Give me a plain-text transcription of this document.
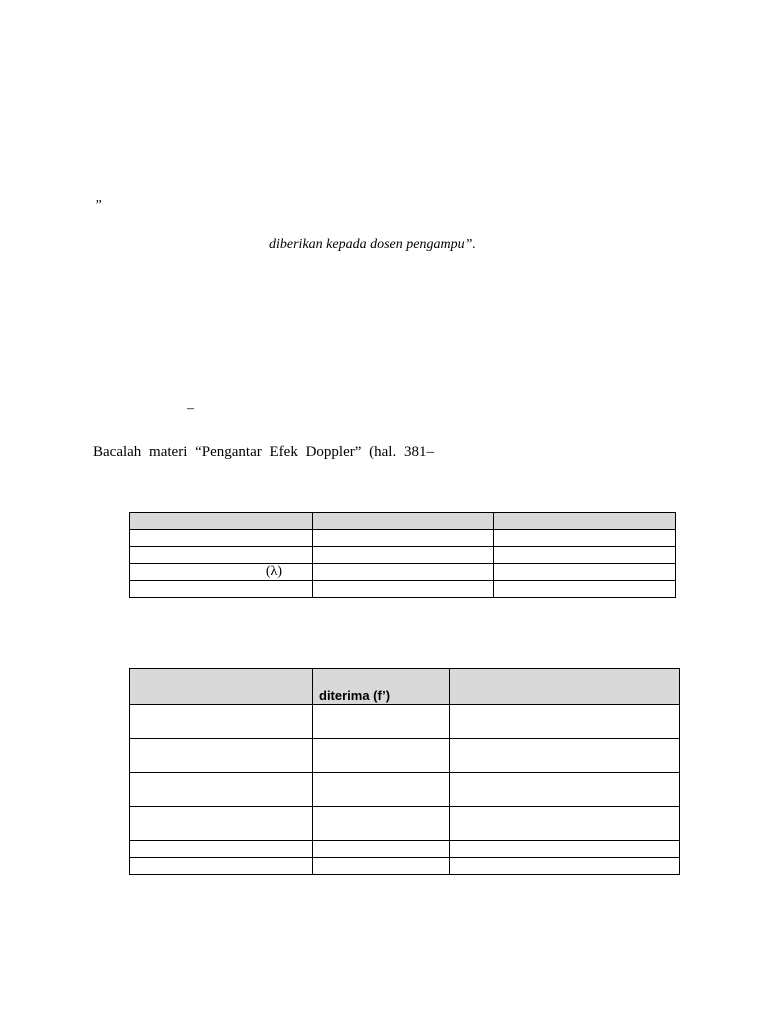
”
diberikan kepada dosen pengampu”.
–
Bacalah materi “Pengantar Efek Doppler” (hal. 381–

(λ)		

	diterima (f’)	
